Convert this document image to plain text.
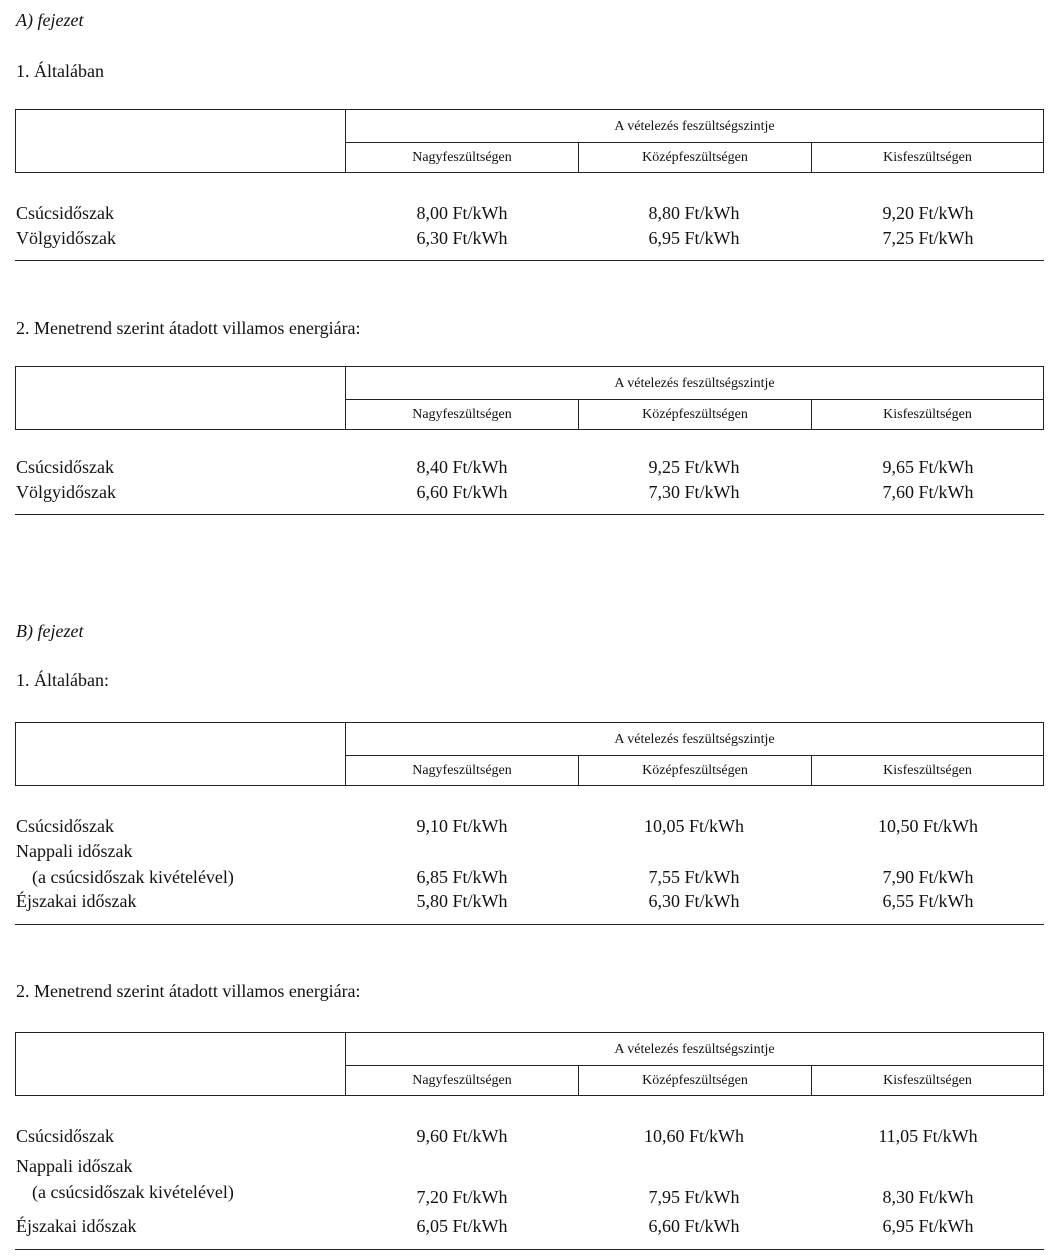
A) fejezet
1. Általában
A vételezés feszültségszintje
Nagyfeszültségen	Középfeszültségen	Kisfeszültségen
Csúcsidőszak	8,00 Ft/kWh	8,80 Ft/kWh	9,20 Ft/kWh
Völgyidőszak	6,30 Ft/kWh	6,95 Ft/kWh	7,25 Ft/kWh
2. Menetrend szerint átadott villamos energiára:
A vételezés feszültségszintje
Nagyfeszültségen	Középfeszültségen	Kisfeszültségen
Csúcsidőszak	8,40 Ft/kWh	9,25 Ft/kWh	9,65 Ft/kWh
Völgyidőszak	6,60 Ft/kWh	7,30 Ft/kWh	7,60 Ft/kWh
B) fejezet
1. Általában:
A vételezés feszültségszintje
Nagyfeszültségen	Középfeszültségen	Kisfeszültségen
Csúcsidőszak	9,10 Ft/kWh	10,05 Ft/kWh	10,50 Ft/kWh
Nappali időszak
(a csúcsidőszak kivételével)	6,85 Ft/kWh	7,55 Ft/kWh	7,90 Ft/kWh
Éjszakai időszak	5,80 Ft/kWh	6,30 Ft/kWh	6,55 Ft/kWh
2. Menetrend szerint átadott villamos energiára:
A vételezés feszültségszintje
Nagyfeszültségen	Középfeszültségen	Kisfeszültségen
Csúcsidőszak	9,60 Ft/kWh	10,60 Ft/kWh	11,05 Ft/kWh
Nappali időszak
(a csúcsidőszak kivételével)	7,20 Ft/kWh	7,95 Ft/kWh	8,30 Ft/kWh
Éjszakai időszak	6,05 Ft/kWh	6,60 Ft/kWh	6,95 Ft/kWh
